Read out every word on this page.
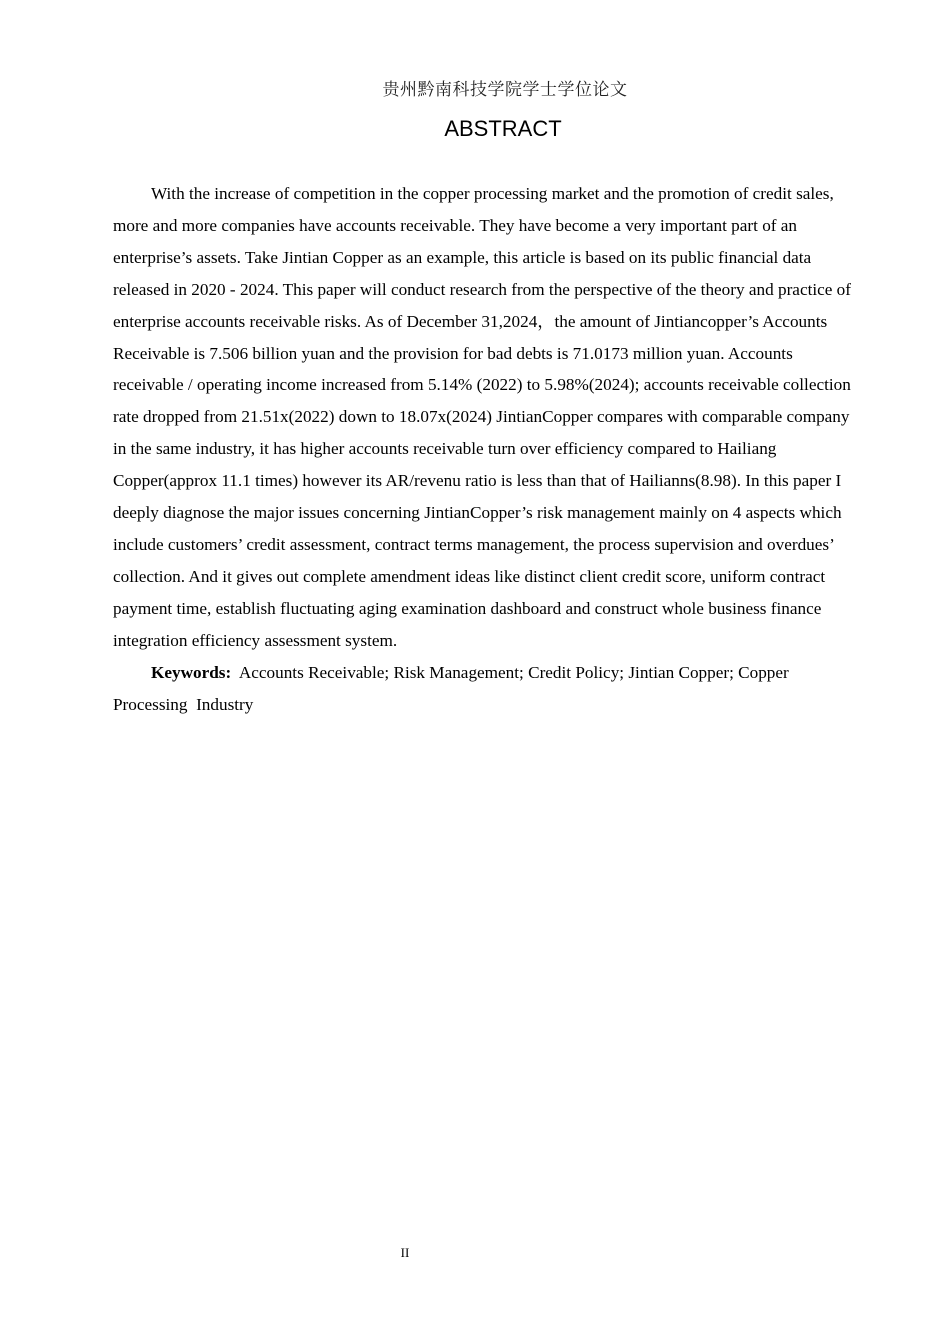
贵州黔南科技学院学士学位论文
ABSTRACT

With the increase of competition in the copper processing market and the promotion of credit sales, more and more companies have accounts receivable. They have become a very important part of an enterprise’s assets. Take Jintian Copper as an example, this article is based on its public financial data released in 2020 - 2024. This paper will conduct research from the perspective of the theory and practice of enterprise accounts receivable risks. As of December 31,2024，the amount of Jintiancopper’s Accounts Receivable is 7.506 billion yuan and the provision for bad debts is 71.0173 million yuan. Accounts receivable / operating income increased from 5.14% (2022) to 5.98%(2024); accounts receivable collection rate dropped from 21.51x(2022) down to 18.07x(2024) JintianCopper compares with comparable company in the same industry, it has higher accounts receivable turn over efficiency compared to Hailiang Copper(approx 11.1 times) however its AR/revenu ratio is less than that of Hailianns(8.98). In this paper I deeply diagnose the major issues concerning JintianCopper’s risk management mainly on 4 aspects which include customers’ credit assessment, contract terms management, the process supervision and overdues’ collection. And it gives out complete amendment ideas like distinct client credit score, uniform contract payment time, establish fluctuating aging examination dashboard and construct whole business finance integration efficiency assessment system.

Keywords: Accounts Receivable; Risk Management; Credit Policy; Jintian Copper; Copper  Processing  Industry

II
